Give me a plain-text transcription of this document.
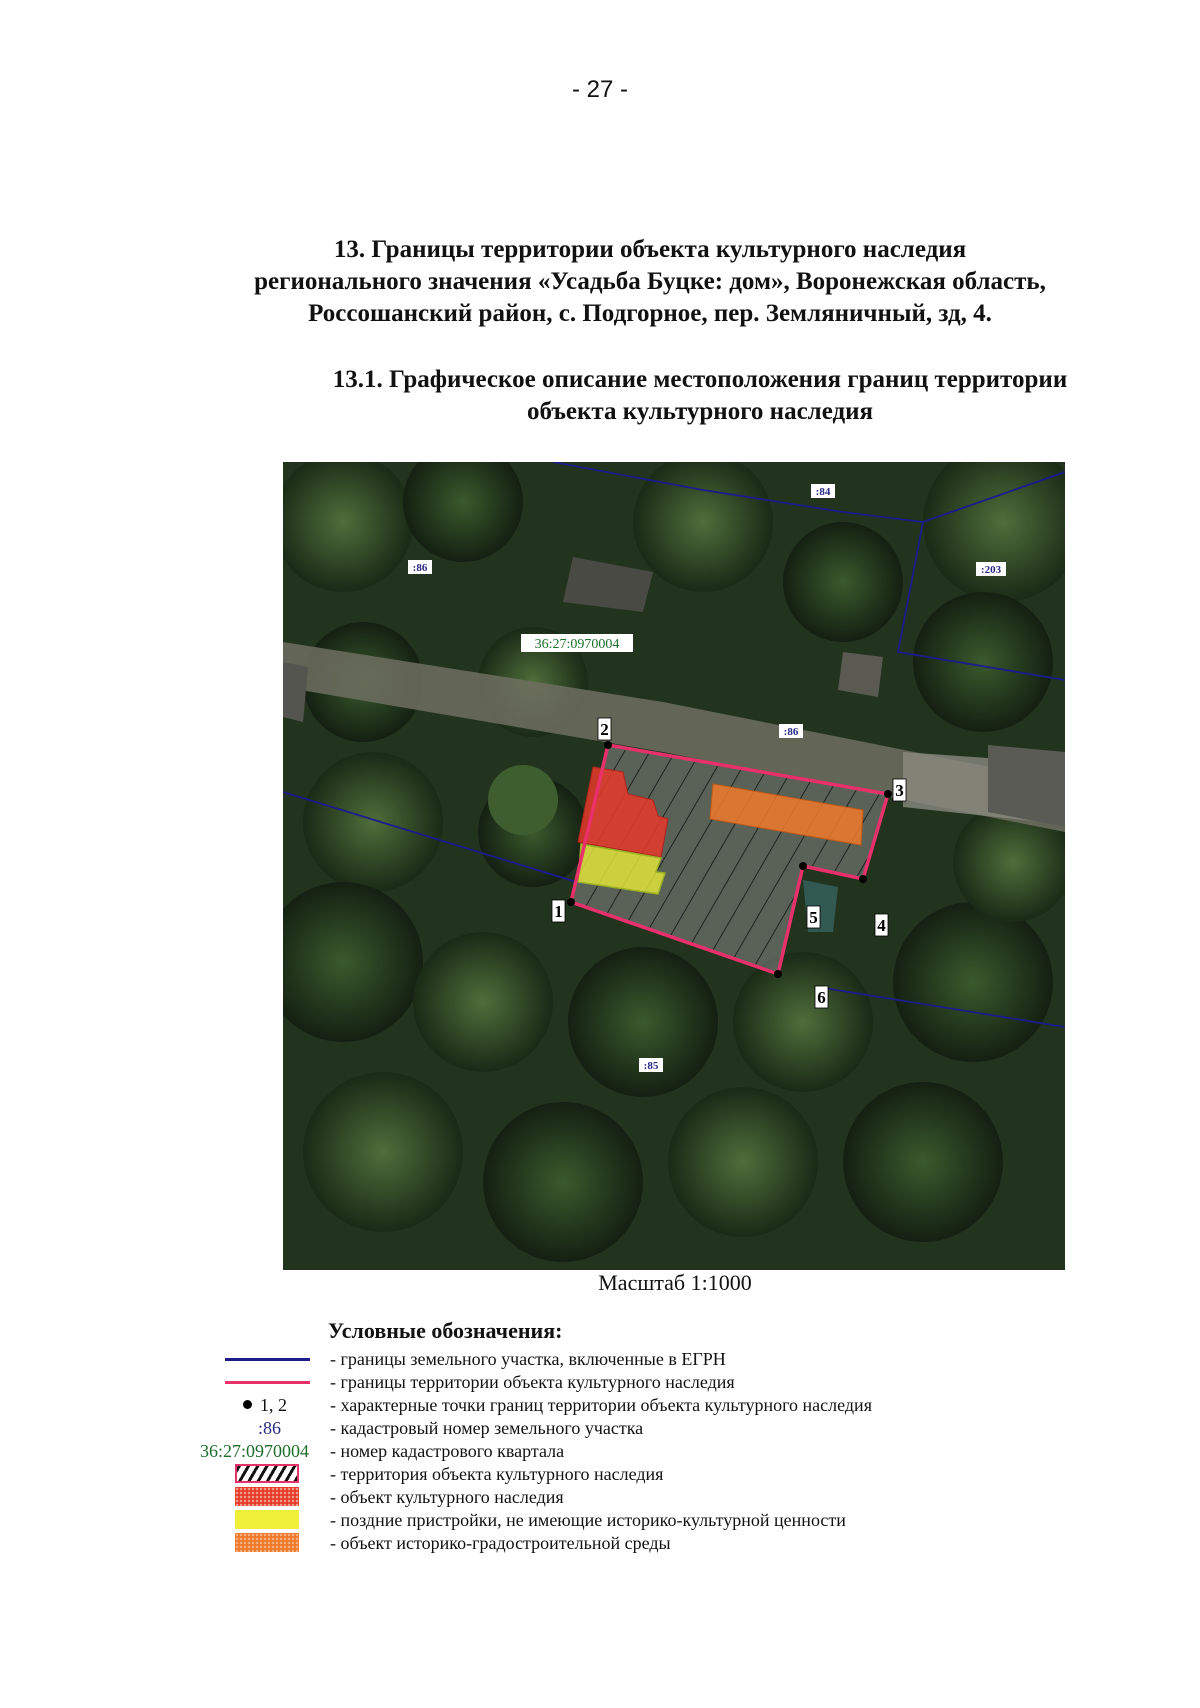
- 27 -
13. Границы территории объекта культурного наследия
регионального значения «Усадьба Буцке: дом», Воронежская область,
Россошанский район, с. Подгорное, пер. Земляничный, зд, 4.
13.1. Графическое описание местоположения границ территории
объекта культурного наследия
1
2
3
4
5
6
:84
:86	:203
:86
:85
36:27:0970004
Масштаб 1:1000
Условные обозначения:
- границы земельного участка, включенные в ЕГРН
- границы территории объекта культурного наследия
1, 2 - характерные точки границ территории объекта культурного наследия
:86	- кадастровый номер земельного участка
36:27:0970004 - номер кадастрового квартала
- территория объекта культурного наследия
- объект культурного наследия
- поздние пристройки, не имеющие историко-культурной ценности
- объект историко-градостроительной среды
